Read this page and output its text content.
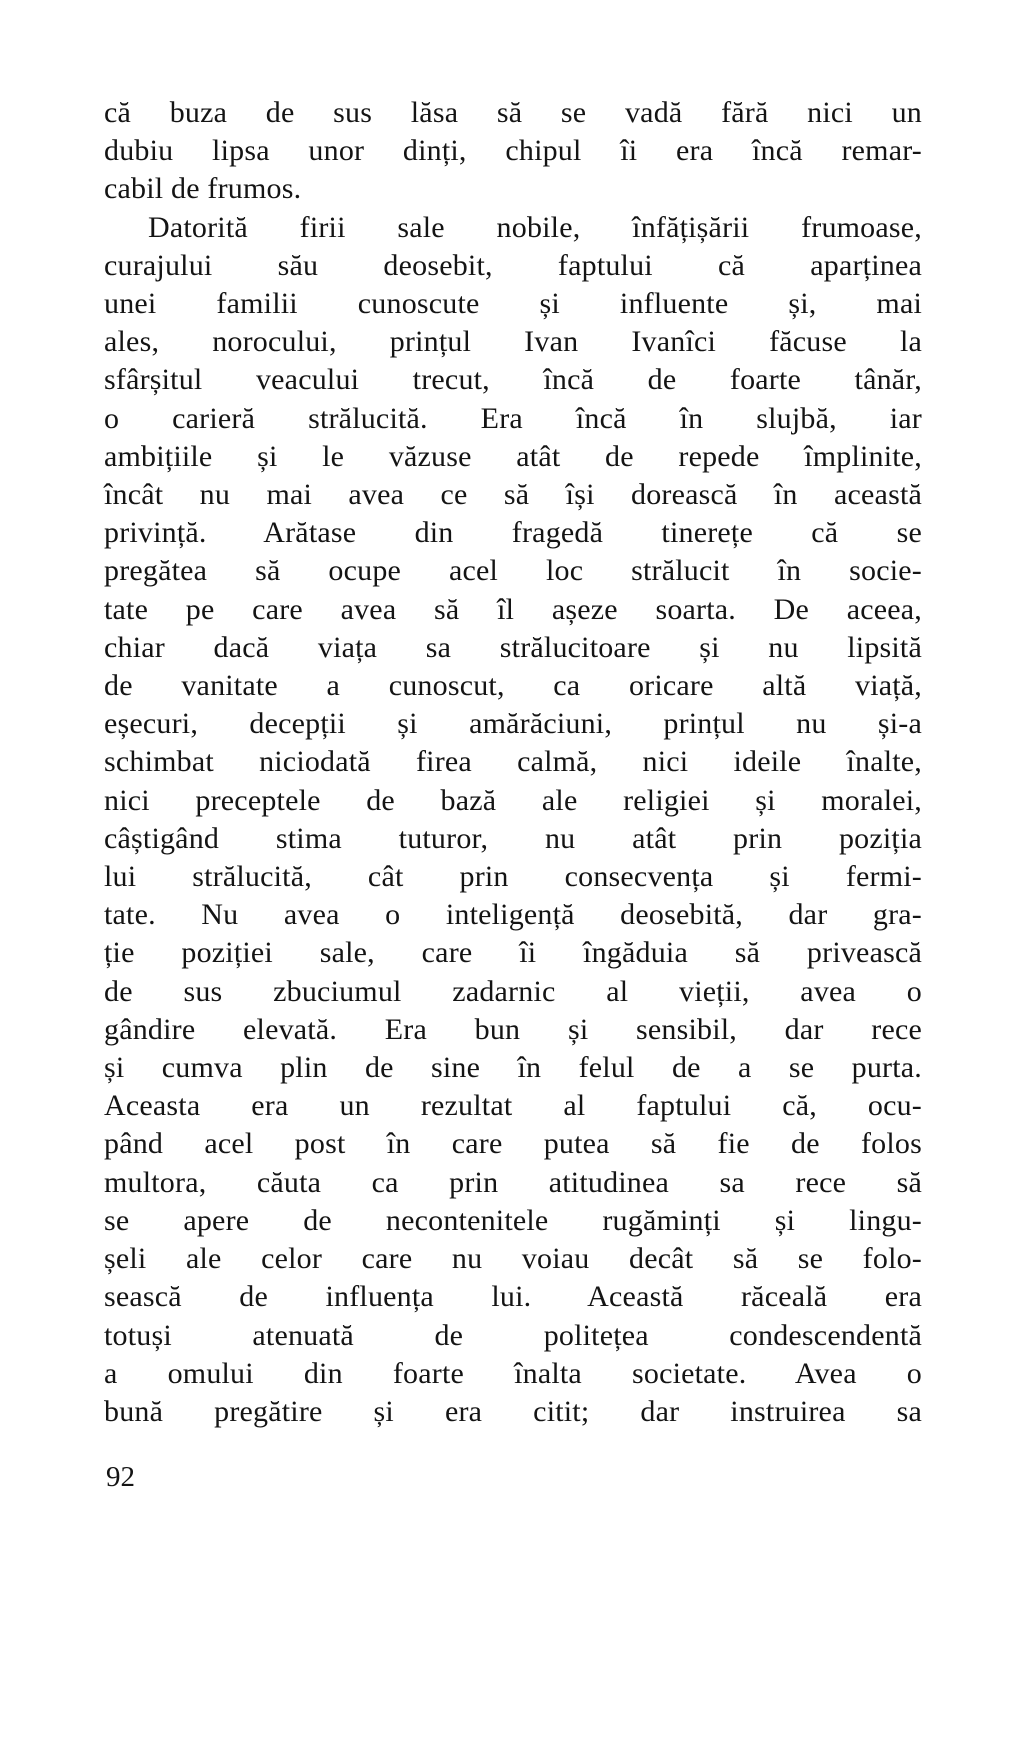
că buza de sus lăsa să se vadă fără nici un
dubiu lipsa unor dinți, chipul îi era încă remar-
cabil de frumos.
Datorită firii sale nobile, înfățișării frumoase,
curajului său deosebit, faptului că aparținea
unei familii cunoscute și influente și, mai
ales, norocului, prințul Ivan Ivanîci făcuse la
sfârșitul veacului trecut, încă de foarte tânăr,
o carieră strălucită. Era încă în slujbă, iar
ambițiile și le văzuse atât de repede împlinite,
încât nu mai avea ce să își dorească în această
privință. Arătase din fragedă tinerețe că se
pregătea să ocupe acel loc strălucit în socie-
tate pe care avea să îl așeze soarta. De aceea,
chiar dacă viața sa strălucitoare și nu lipsită
de vanitate a cunoscut, ca oricare altă viață,
eșecuri, decepții și amărăciuni, prințul nu și-a
schimbat niciodată firea calmă, nici ideile înalte,
nici preceptele de bază ale religiei și moralei,
câștigând stima tuturor, nu atât prin poziția
lui strălucită, cât prin consecvența și fermi-
tate. Nu avea o inteligență deosebită, dar gra-
ție poziției sale, care îi îngăduia să privească
de sus zbuciumul zadarnic al vieții, avea o
gândire elevată. Era bun și sensibil, dar rece
și cumva plin de sine în felul de a se purta.
Aceasta era un rezultat al faptului că, ocu-
pând acel post în care putea să fie de folos
multora, căuta ca prin atitudinea sa rece să
se apere de necontenitele rugăminți și lingu-
șeli ale celor care nu voiau decât să se folo-
sească de influența lui. Această răceală era
totuși atenuată de politețea condescendentă
a omului din foarte înalta societate. Avea o
bună pregătire și era citit; dar instruirea sa
92
